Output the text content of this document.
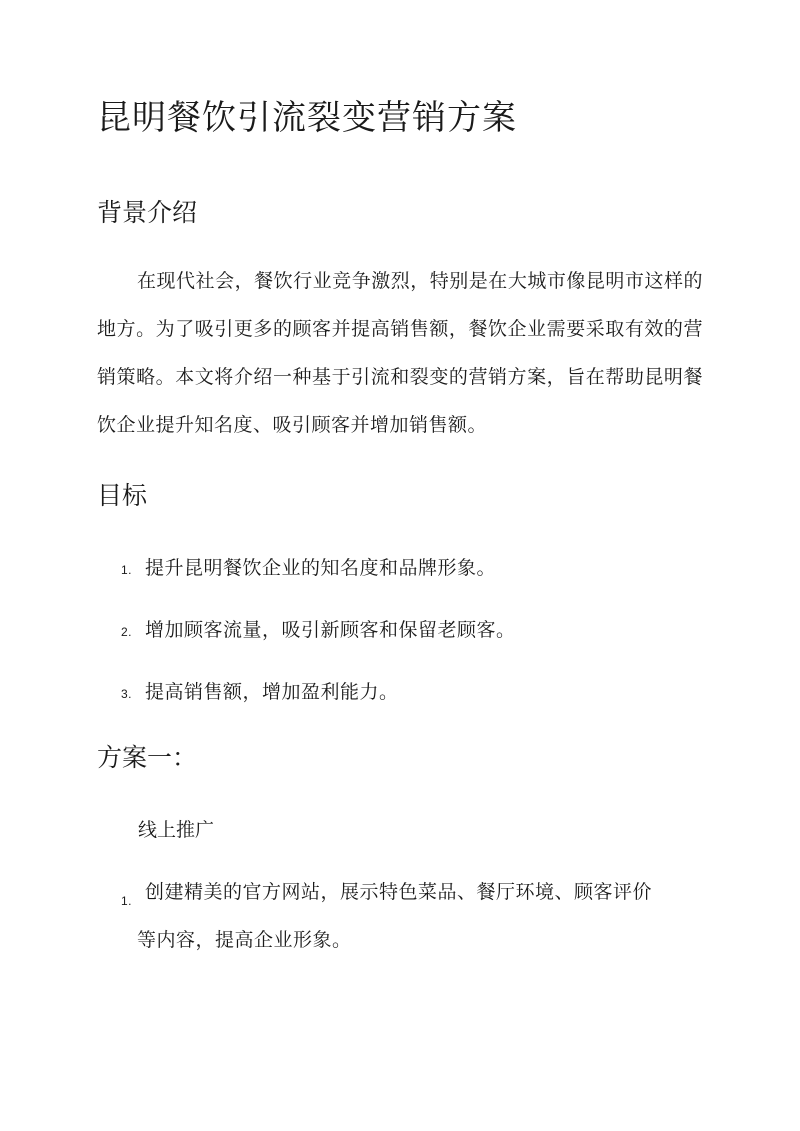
昆明餐饮引流裂变营销方案
背景介绍

在现代社会，餐饮行业竞争激烈，特别是在大城市像昆明市这样的地方。为了吸引更多的顾客并提高销售额，餐饮企业需要采取有效的营销策略。本文将介绍一种基于引流和裂变的营销方案，旨在帮助昆明餐饮企业提升知名度、吸引顾客并增加销售额。

目标
1. 提升昆明餐饮企业的知名度和品牌形象。
2. 增加顾客流量，吸引新顾客和保留老顾客。
3. 提高销售额，增加盈利能力。
方案一：

线上推广

1. 创建精美的官方网站，展示特色菜品、餐厅环境、顾客评价
等内容，提高企业形象。
